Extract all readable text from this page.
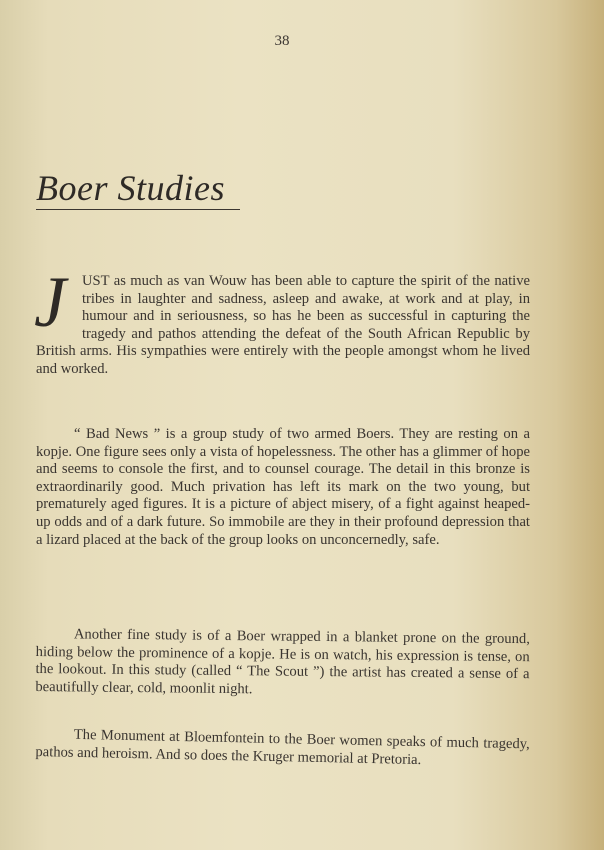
38
Boer Studies
J	UST as much as van Wouw has been able to capture the spirit of the native tribes in laughter and sadness, asleep and awake, at work and at play, in humour and in seriousness, so has he been as successful in capturing the tragedy and pathos attending the defeat of the South African Republic by British arms. His sympathies were entirely with the people amongst whom he lived and worked.
“ Bad News ” is a group study of two armed Boers. They are resting on a kopje. One figure sees only a vista of hopelessness. The other has a glimmer of hope and seems to console the first, and to counsel courage. The detail in this bronze is extraordinarily good. Much privation has left its mark on the two young, but prematurely aged figures. It is a picture of abject misery, of a fight against heaped-up odds and of a dark future. So immobile are they in their profound depression that a lizard placed at the back of the group looks on unconcernedly, safe.
Another fine study is of a Boer wrapped in a blanket prone on the ground, hiding below the prominence of a kopje. He is on watch, his expression is tense, on the lookout. In this study (called “ The Scout ”) the artist has created a sense of a beautifully clear, cold, moonlit night.
The Monument at Bloemfontein to the Boer women speaks of much tragedy, pathos and heroism. And so does the Kruger memorial at Pretoria.
